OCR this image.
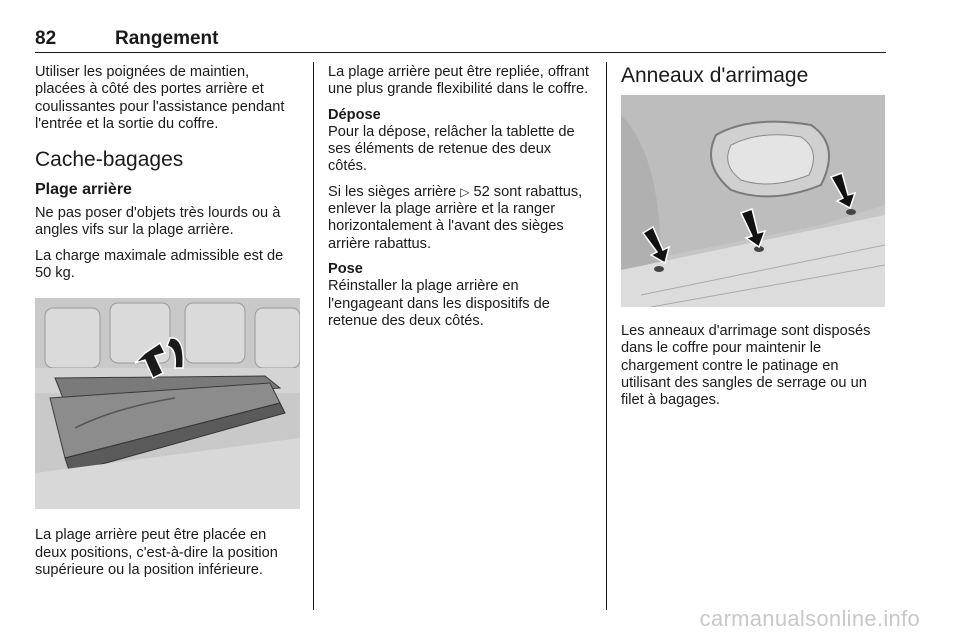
82	Rangement

Utiliser les poignées de maintien, placées à côté des portes arrière et coulissantes pour l'assistance pendant l'entrée et la sortie du coffre.

Cache-bagages
Plage arrière

Ne pas poser d'objets très lourds ou à angles vifs sur la plage arrière.

La charge maximale admissible est de 50 kg.

La plage arrière peut être placée en deux positions, c'est-à-dire la position supérieure ou la position inférieure.

La plage arrière peut être repliée, offrant une plus grande flexibilité dans le coffre.

Dépose

Pour la dépose, relâcher la tablette de ses éléments de retenue des deux côtés.

Si les sièges arrière ▷ 52 sont rabattus, enlever la plage arrière et la ranger horizontalement à l'avant des sièges arrière rabattus.

Pose

Réinstaller la plage arrière en l'engageant dans les dispositifs de retenue des deux côtés.

Anneaux d'arrimage

Les anneaux d'arrimage sont disposés dans le coffre pour maintenir le chargement contre le patinage en utilisant des sangles de serrage ou un filet à bagages.

carmanualsonline.info
